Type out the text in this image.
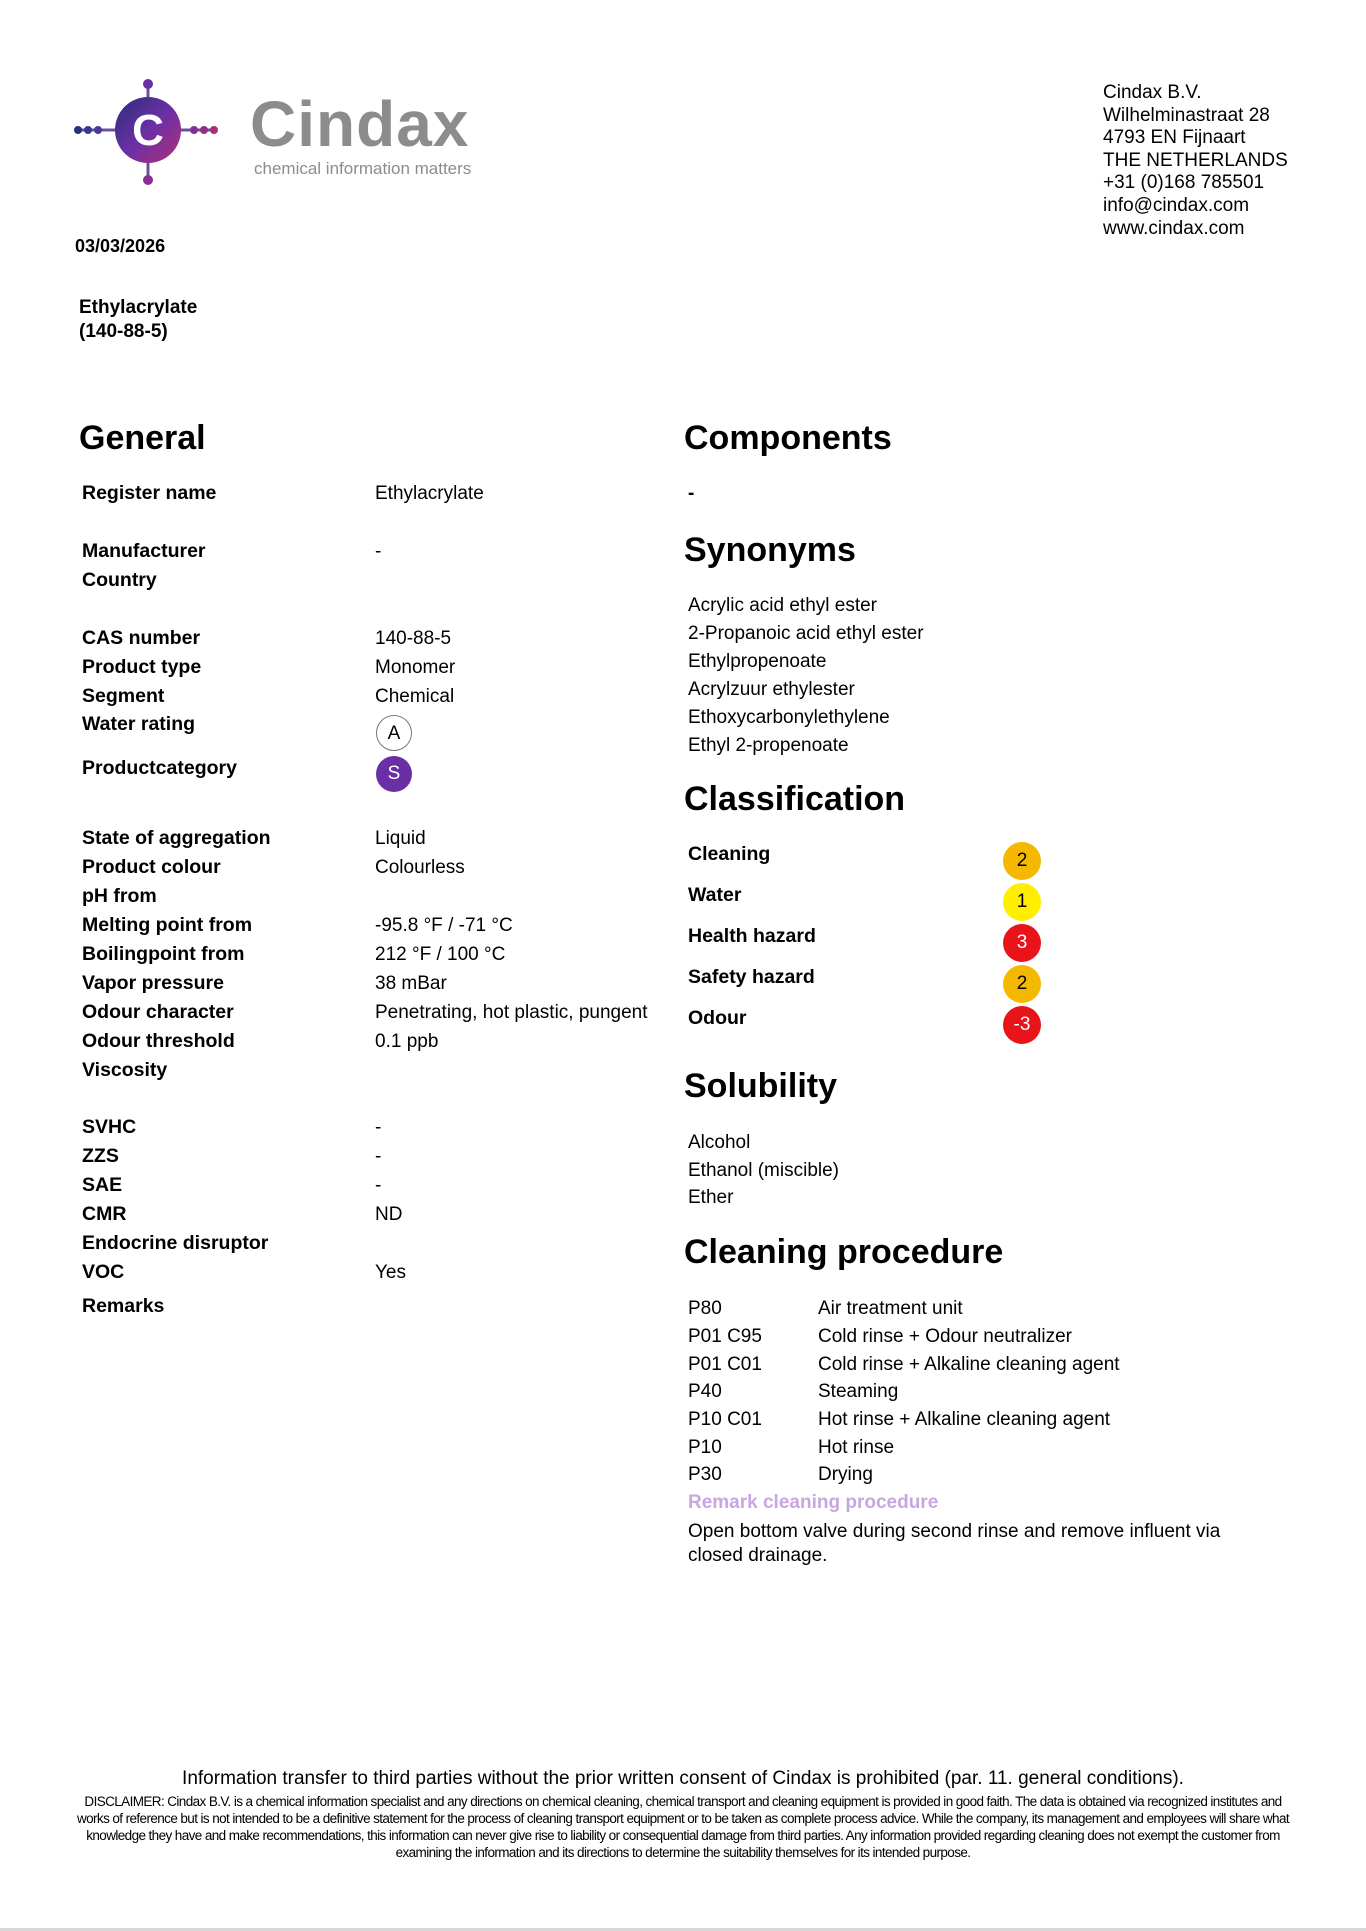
C Cindax
chemical information matters
Cindax B.V.
Wilhelminastraat 28
4793 EN Fijnaart
THE NETHERLANDS
+31 (0)168 785501
info@cindax.com
www.cindax.com
03/03/2026
Ethylacrylate
(140-88-5)
General
Register name	Ethylacrylate
Manufacturer	-
Country
CAS number	140-88-5
Product type	Monomer
Segment	Chemical
Water rating	A
Productcategory	S
State of aggregation	Liquid
Product colour	Colourless
pH from
Melting point from	-95.8 °F / -71 °C
Boilingpoint from	212 °F / 100 °C
Vapor pressure	38 mBar
Odour character	Penetrating, hot plastic, pungent
Odour threshold	0.1 ppb
Viscosity
SVHC	-
ZZS	-
SAE	-
CMR	ND
Endocrine disruptor
VOC	Yes
Remarks
Components
-
Synonyms
Acrylic acid ethyl ester
2-Propanoic acid ethyl ester
Ethylpropenoate
Acrylzuur ethylester
Ethoxycarbonylethylene
Ethyl 2-propenoate
Classification
Cleaning	2
Water	1
Health hazard	3
Safety hazard	2
Odour	-3
Solubility
Alcohol
Ethanol (miscible)
Ether
Cleaning procedure
P80	Air treatment unit
P01 C95	Cold rinse + Odour neutralizer
P01 C01	Cold rinse + Alkaline cleaning agent
P40	Steaming
P10 C01	Hot rinse + Alkaline cleaning agent
P10	Hot rinse
P30	Drying
Remark cleaning procedure
Open bottom valve during second rinse and remove influent via closed drainage.
Information transfer to third parties without the prior written consent of Cindax is prohibited (par. 11. general conditions).
DISCLAIMER: Cindax B.V. is a chemical information specialist and any directions on chemical cleaning, chemical transport and cleaning equipment is provided in good faith. The data is obtained via recognized institutes and works of reference but is not intended to be a definitive statement for the process of cleaning transport equipment or to be taken as complete process advice. While the company, its management and employees will share what knowledge they have and make recommendations, this information can never give rise to liability or consequential damage from third parties. Any information provided regarding cleaning does not exempt the customer from examining the information and its directions to determine the suitability themselves for its intended purpose.
